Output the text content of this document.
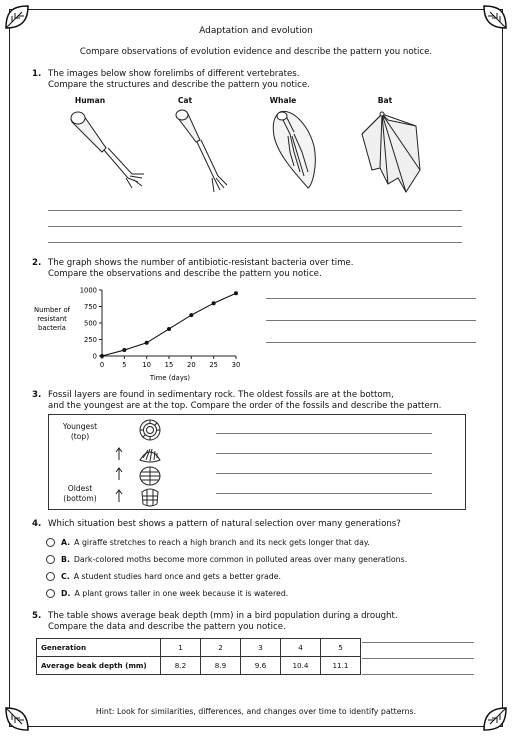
Adaptation and evolution
Compare observations of evolution evidence and describe the pattern you notice.
1. The images below show forelimbs of different vertebrates.
Compare the structures and describe the pattern you notice.
Human	Cat	Whale	Bat
2. The graph shows the number of antibiotic-resistant bacteria over time.
Compare the observations and describe the pattern you notice.
Number of
resistant
bacteria
Time (days)
0
250
500
750
1000
0	5 10 15 20 25 30
3. Fossil layers are found in sedimentary rock. The oldest fossils are at the bottom,
and the youngest are at the top. Compare the order of the fossils and describe the pattern.
Youngest
(top)
Oldest
(bottom)
4. Which situation best shows a pattern of natural selection over many generations?
A. A giraffe stretches to reach a high branch and its neck gets longer that day.
B. Dark-colored moths become more common in polluted areas over many generations.
C. A student studies hard once and gets a better grade.
D. A plant grows taller in one week because it is watered.
5. The table shows average beak depth (mm) in a bird population during a drought.
Compare the data and describe the pattern you notice.
Generation	1	2	3	4	5
Average beak depth (mm)	8.2	8.9	9.6	10.4	11.1
Hint: Look for similarities, differences, and changes over time to identify patterns.
